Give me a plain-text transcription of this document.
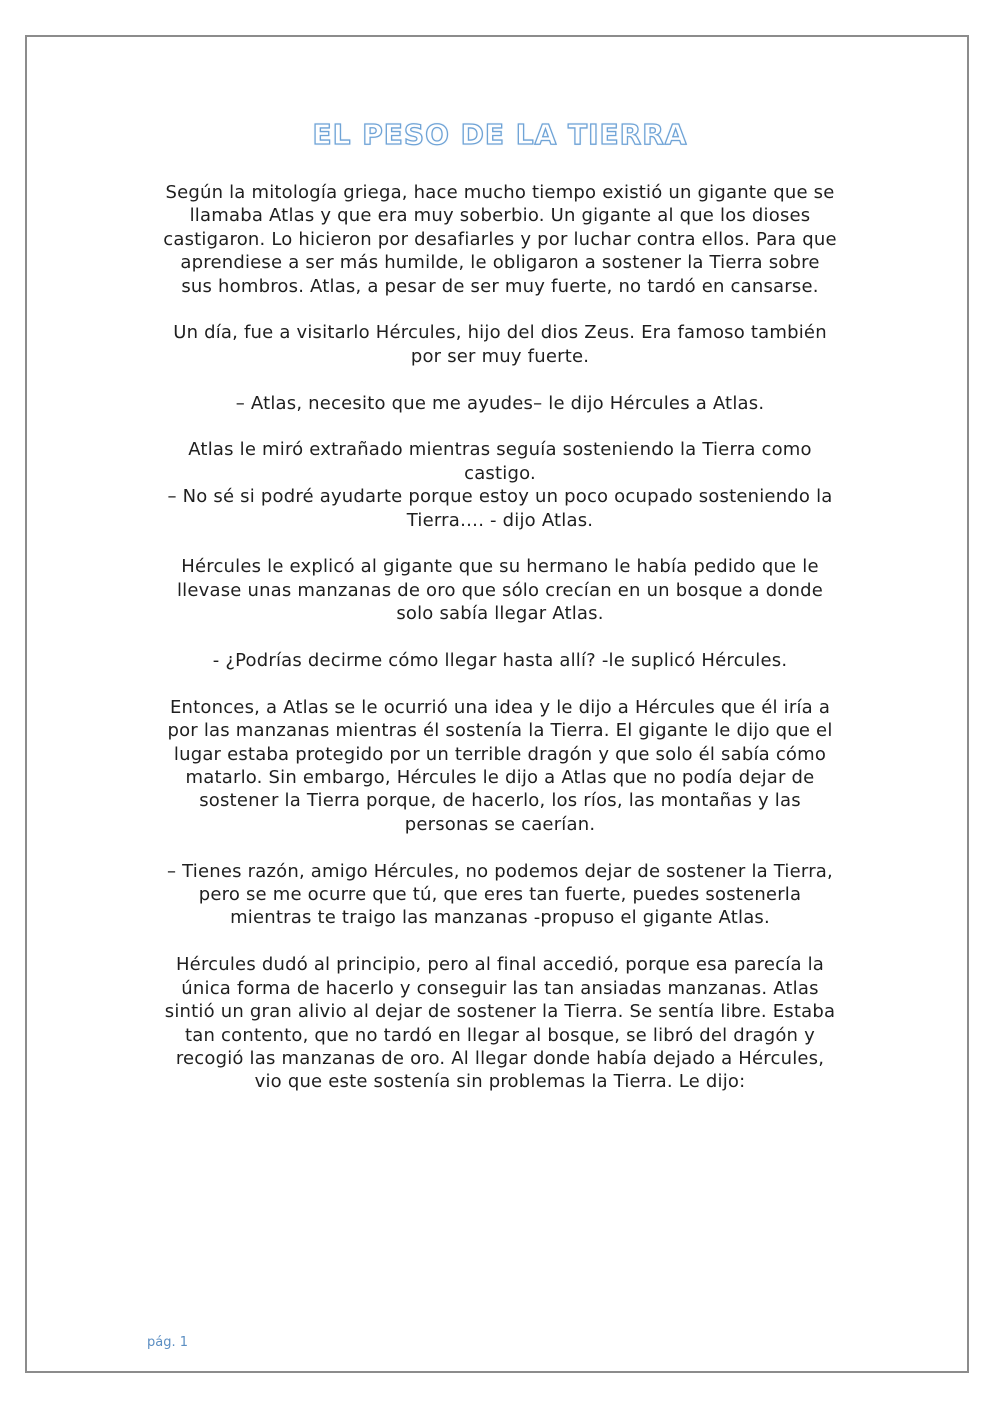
EL PESO DE LA TIERRA

Según la mitología griega, hace mucho tiempo existió un gigante que se
llamaba Atlas y que era muy soberbio. Un gigante al que los dioses
castigaron. Lo hicieron por desafiarles y por luchar contra ellos. Para que
aprendiese a ser más humilde, le obligaron a sostener la Tierra sobre
sus hombros. Atlas, a pesar de ser muy fuerte, no tardó en cansarse.

Un día, fue a visitarlo Hércules, hijo del dios Zeus. Era famoso también
por ser muy fuerte.

– Atlas, necesito que me ayudes– le dijo Hércules a Atlas.

Atlas le miró extrañado mientras seguía sosteniendo la Tierra como
castigo.
– No sé si podré ayudarte porque estoy un poco ocupado sosteniendo la
Tierra…. - dijo Atlas.

Hércules le explicó al gigante que su hermano le había pedido que le
llevase unas manzanas de oro que sólo crecían en un bosque a donde
solo sabía llegar Atlas.

- ¿Podrías decirme cómo llegar hasta allí? -le suplicó Hércules.

Entonces, a Atlas se le ocurrió una idea y le dijo a Hércules que él iría a
por las manzanas mientras él sostenía la Tierra. El gigante le dijo que el
lugar estaba protegido por un terrible dragón y que solo él sabía cómo
matarlo. Sin embargo, Hércules le dijo a Atlas que no podía dejar de
sostener la Tierra porque, de hacerlo, los ríos, las montañas y las
personas se caerían.

– Tienes razón, amigo Hércules, no podemos dejar de sostener la Tierra,
pero se me ocurre que tú, que eres tan fuerte, puedes sostenerla
mientras te traigo las manzanas -propuso el gigante Atlas.

Hércules dudó al principio, pero al final accedió, porque esa parecía la
única forma de hacerlo y conseguir las tan ansiadas manzanas. Atlas
sintió un gran alivio al dejar de sostener la Tierra. Se sentía libre. Estaba
tan contento, que no tardó en llegar al bosque, se libró del dragón y
recogió las manzanas de oro. Al llegar donde había dejado a Hércules,
vio que este sostenía sin problemas la Tierra. Le dijo:

pág. 1
